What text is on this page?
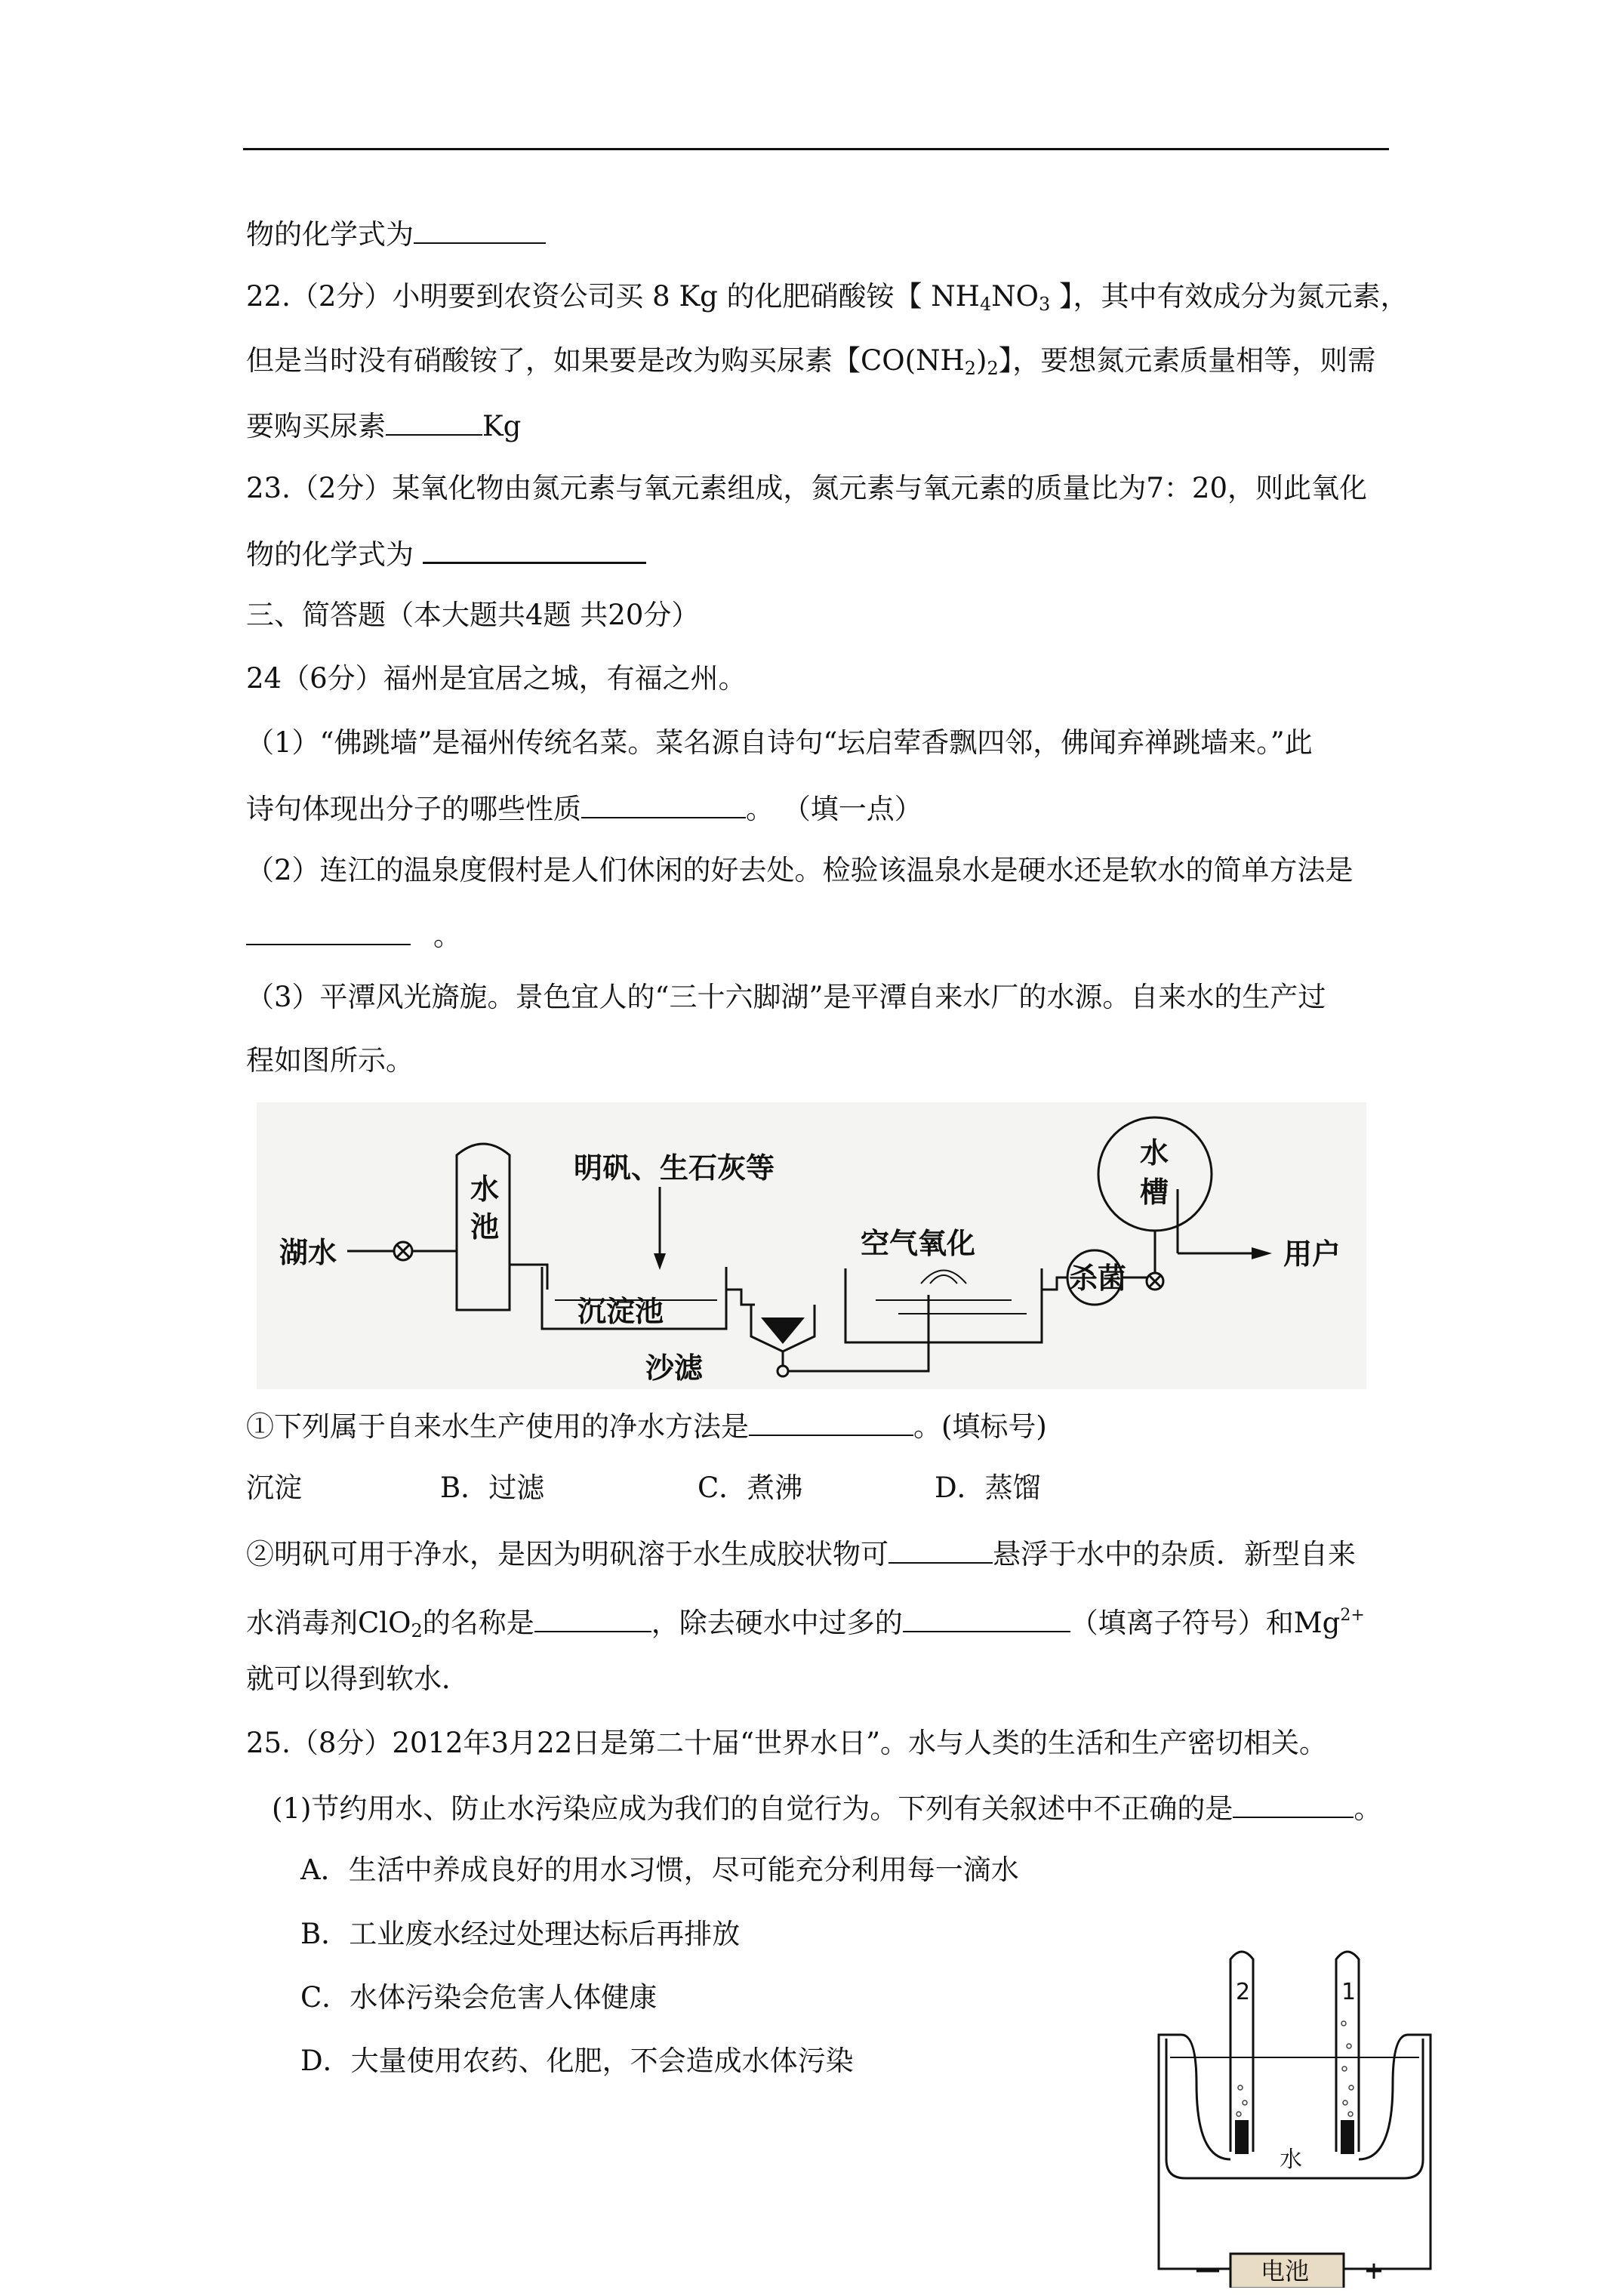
物的化学式为
22.（2分）小明要到农资公司买 8 Kg 的化肥硝酸铵【 $NH_4NO_3$ 】，其中有效成分为氮元素，
但是当时没有硝酸铵了，如果要是改为购买尿素【$CO(NH_2)_2$】，要想氮元素质量相等，则需
要购买尿素	Kg
23.（2分）某氧化物由氮元素与氧元素组成，氮元素与氧元素的质量比为7：20，则此氧化
物的化学式为
三、简答题（本大题共4题 共20分）
24（6分）福州是宜居之城，有福之州。
（1）“佛跳墙”是福州传统名菜。菜名源自诗句“坛启荤香飘四邻，佛闻弃禅跳墙来。”此
诗句体现出分子的哪些性质	。 （填一点）
（2）连江的温泉度假村是人们休闲的好去处。检验该温泉水是硬水还是软水的简单方法是
。
（3）平潭风光旖旎。景色宜人的“三十六脚湖”是平潭自来水厂的水源。自来水的生产过
程如图所示。
湖水
水
池
明矾、生石灰等
沉淀池
沙滤
空气氧化
杀菌
水
槽
用户
①下列属于自来水生产使用的净水方法是	。(填标号)
沉淀	B．过滤	C．煮沸	D．蒸馏
②明矾可用于净水，是因为明矾溶于水生成胶状物可	悬浮于水中的杂质．新型自来
水消毒剂ClO$_2$的名称是	，除去硬水中过多的	（填离子符号）和$Mg^{2+}$
就可以得到软水．
25.（8分）2012年3月22日是第二十届“世界水日”。水与人类的生活和生产密切相关。
(1)节约用水、防止水污染应成为我们的自觉行为。下列有关叙述中不正确的是	。
A．生活中养成良好的用水习惯，尽可能充分利用每一滴水
B．工业废水经过处理达标后再排放
C．水体污染会危害人体健康
D．大量使用农药、化肥，不会造成水体污染
2	1
水
电池
